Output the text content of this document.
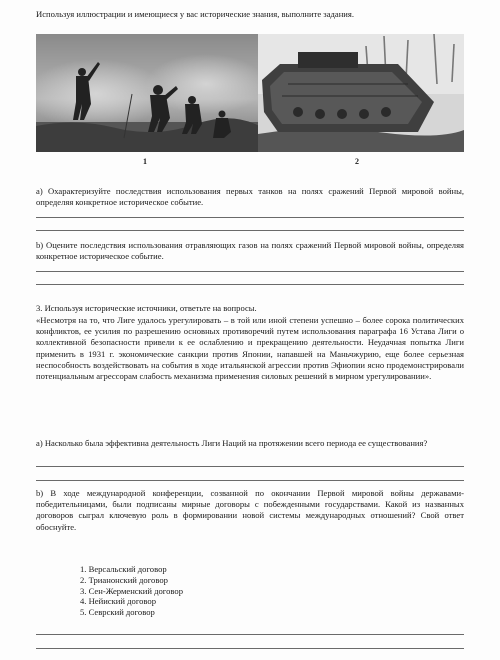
Используя иллюстрации и имеющиеся у вас исторические знания, выполните задания.
1	2
а) Охарактеризуйте последствия использования первых танков на полях сражений Первой мировой войны, определяя конкретное историческое событие.
b) Оцените последствия использования отравляющих газов на полях сражений Первой мировой войны, определяя конкретное историческое событие.
3. Используя исторические источники, ответьте на вопросы.
«Несмотря на то, что Лиге удалось урегулировать – в той или иной степени успешно – более сорока политических конфликтов, ее усилия по разрешению основных противоречий путем использования параграфа 16 Устава Лиги о коллективной безопасности привели к ее ослаблению и прекращению деятельности. Неудачная попытка Лиги применить в 1931 г. экономические санкции против Японии, напавшей на Маньчжурию, еще более серьезная неспособность воздействовать на события в ходе итальянской агрессии против Эфиопии ясно продемонстрировали потенциальным агрессорам слабость механизма применения силовых решений в мирном урегулировании».
а) Насколько была эффективна деятельность Лиги Наций на протяжении всего периода ее существования?
b) В ходе международной конференции, созванной по окончании Первой мировой войны державами-победительницами, были подписаны мирные договоры с побежденными государствами. Какой из названных договоров сыграл ключевую роль в формировании новой системы международных отношений? Свой ответ обоснуйте.
1. Версальский договор
2. Трианонский договор
3. Сен-Жерменский договор
4. Нейиский договор
5. Севрский договор
